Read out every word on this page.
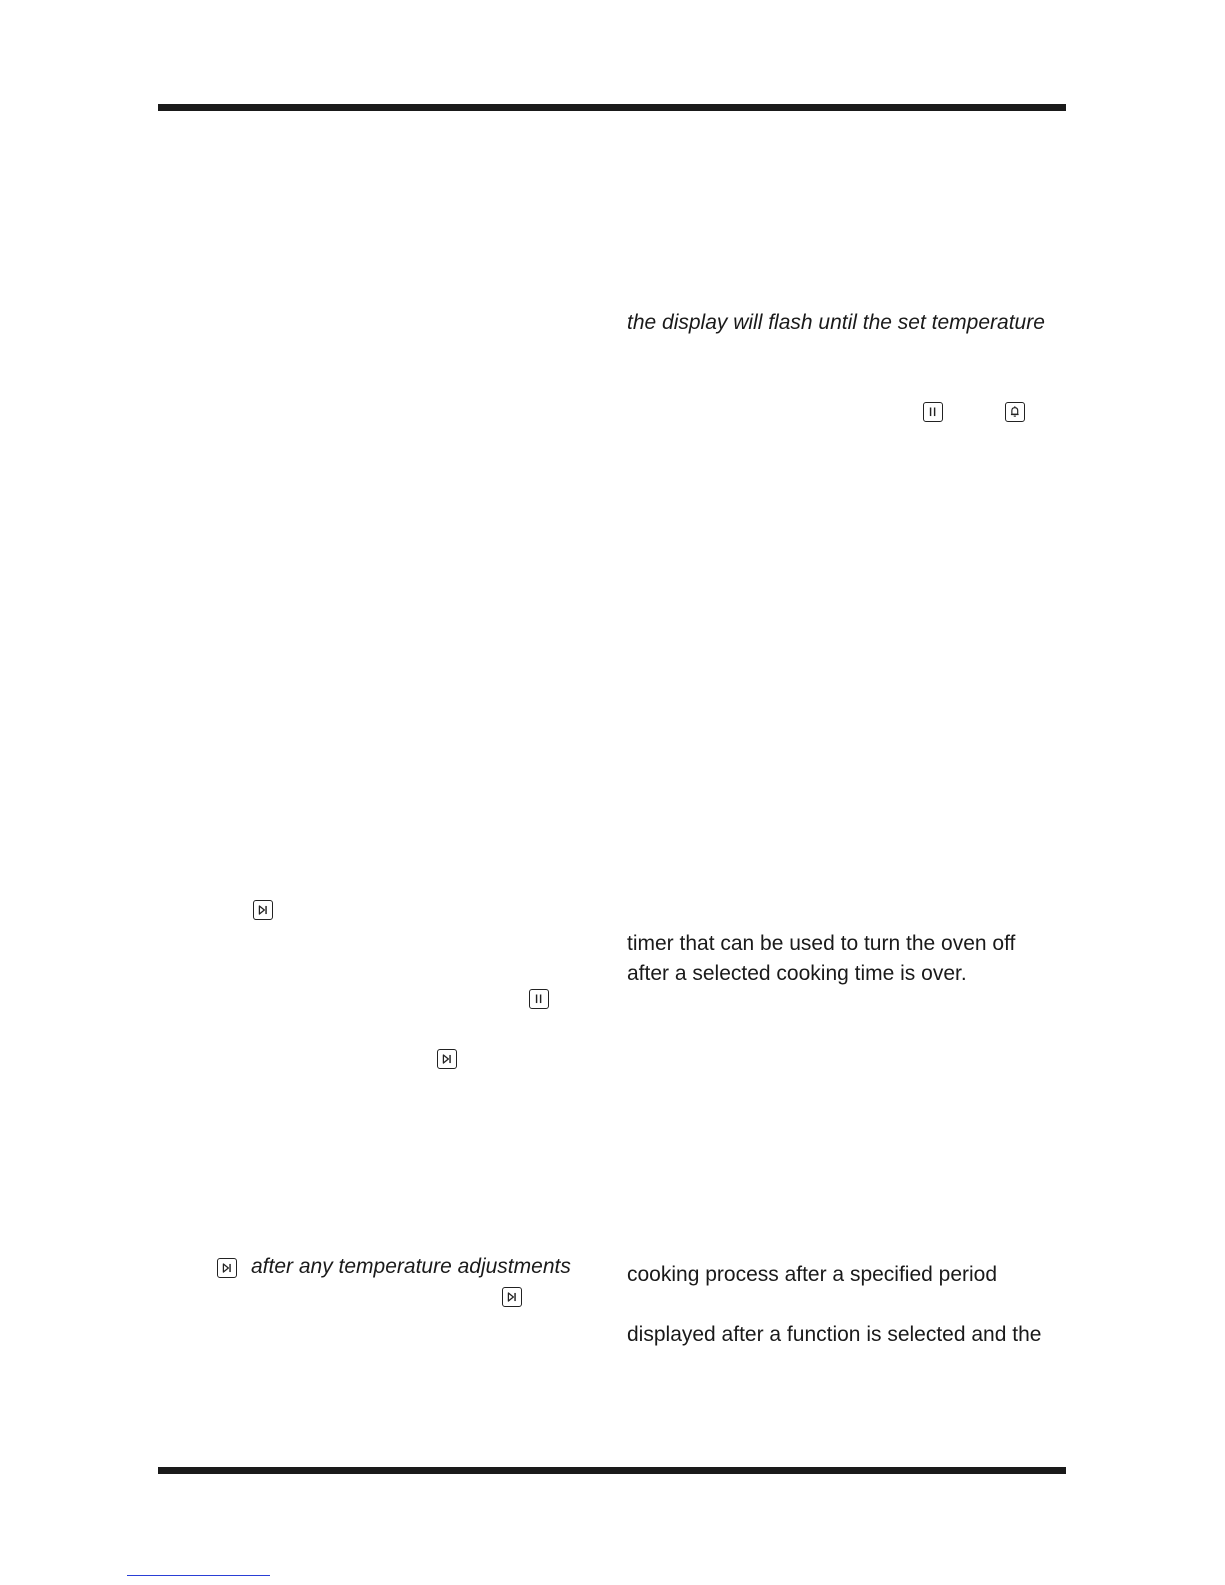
the display will flash until the set temperature
timer that can be used to turn the oven off
after a selected cooking time is over.
after any temperature adjustments	cooking process after a specified period
displayed after a function is selected and the
